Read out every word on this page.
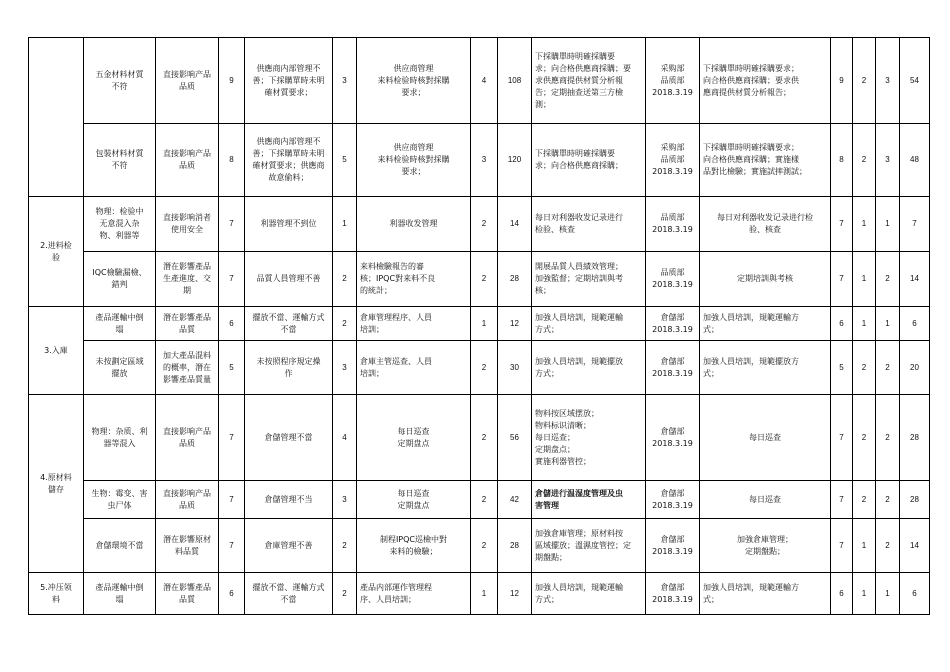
	五金材料材質
不符	直接影响产品
品质	9	供應商内部管理不
善；下採購單時未明
確材質要求；	3	供应商管理
来料检验時核對採購
要求；	4	108	下採購單時明確採購要
求；向合格供應商採購；要
求供應商提供材質分析報
告；定期抽查送第三方檢
測；	采购部
品质部
2018.3.19	下採購單時明確採購要求；
向合格供應商採購；要求供
應商提供材質分析報告；	9	2	3	54

	包裝材料材質
不符	直接影响产品
品质	8	供應商内部管理不
善；下採購單時未明
確材質要求；供應商
故意偷料；	5	供应商管理
来料检验時核對採購
要求；	3	120	下採購單時明確採購要
求；向合格供應商採購；	采购部
品质部
2018.3.19	下採購單時明確採購要求；
向合格供應商採購；實施樣
品對比檢驗；實施試摔測試；	8	2	3	48

2.进料检
验	物理：检验中
无意混入杂
物、利器等	直接影响消者
使用安全	7	利器管理不到位	1	利器收发管理	2	14	每日对利器收发记录进行
检验、核查	品质部
2018.3.19	每日对利器收发记录进行检
验、核查	7	1	1	7

	IQC檢驗漏檢、
錯判	潛在影響產品
生產進度、交
期	7	品質人員管理不善	2	来料檢驗報告的審
核；IPQC對来料不良
的統計；	2	28	開展品質人員績效管理；
加強監督；定期培訓與考
核；	品质部
2018.3.19	定期培訓與考核	7	1	2	14

3.入庫	產品運輸中倒
塌	潛在影響產品
品質	6	擺放不當、運輸方式
不當	2	倉庫管理程序、人員
培訓；	1	12	加強人員培訓，規範運輸
方式；	倉儲部
2018.3.19	加強人員培訓，規範運輸方
式；	6	1	1	6

	未按劃定區域
擺放	加大產品混料
的概率，潛在
影響產品質量	5	未按照程序規定操
作	3	倉庫主管巡查、人員
培訓；	2	30	加強人員培訓，規範擺放
方式；	倉儲部
2018.3.19	加強人員培訓，規範擺放方
式；	5	2	2	20

4.原材料
儲存	物理：杂质、利
器等混入	直接影响产品
品质	7	倉儲管理不當	4	每日巡查
定期盘点	2	56	物料按区域摆放；
物料标识清晰；
每日巡查；
定期盘点；
實施利器管控；	倉儲部
2018.3.19	每日巡查	7	2	2	28

	生物：霉变、害
虫尸体	直接影响产品
品质	7	倉儲管理不当	3	每日巡查
定期盘点	2	42	倉儲进行温湿度管理及虫
害管理	倉儲部
2018.3.19	每日巡查	7	2	2	28

	倉儲環境不當	潛在影響原材
料品質	7	倉庫管理不善	2	制程IPQC巡檢中對
来料的檢驗；	2	28	加強倉庫管理；原材料按
區域擺放；溫濕度管控；定
期盤點；	倉儲部
2018.3.19	加強倉庫管理；
定期盤點；	7	1	2	14

5.冲压领
料	產品運輸中倒
塌	潛在影響產品
品質	6	擺放不當、運輸方式
不當	2	產品内部運作管理程
序、人員培訓；	1	12	加強人員培訓，規範運輸
方式；	倉儲部
2018.3.19	加強人員培訓，規範運輸方
式；	6	1	1	6
